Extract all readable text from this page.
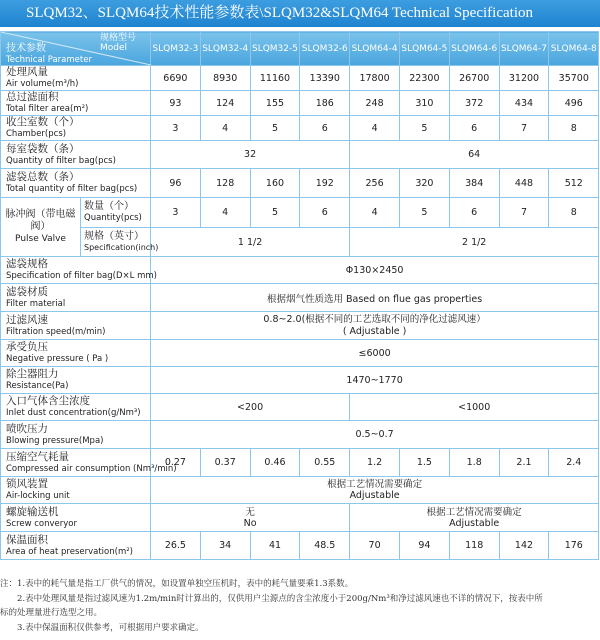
SLQM32、SLQM64技术性能参数表\SLQM32&SLQM64 Technical Specification
规格型号
Model
技术参数
Technical Parameter		SLQM32-3	SLQM32-4	SLQM32-5	SLQM32-6	SLQM64-4	SLQM64-5	SLQM64-6	SLQM64-7	SLQM64-8

处理风量
Air volume(m³/h)		6690	8930	11160	13390	17800	22300	26700	31200	35700

总过滤面积
Total filter area(m²)		93	124	155	186	248	310	372	434	496

收尘室数（个）
Chamber(pcs)		3	4	5	6	4	5	6	7	8

每室袋数（条）
Quantity of filter bag(pcs)		32				64				

滤袋总数（条）
Total quantity of filter bag(pcs)		96	128	160	192	256	320	384	448	512

脉冲阀（带电磁阀）
Pulse Valve	数量（个）
Quantity(pcs)	3	4	5	6	4	5	6	7	8
	规格（英寸）
Specification(inch)	1 1/2				2 1/2				

滤袋规格
Specification of filter bag(D×L mm)		Φ130×2450								

滤袋材质
Filter material		根据烟气性质选用 Based on flue gas properties								

过滤风速
Filtration speed(m/min)		0.8~2.0(根据不同的工艺选取不同的净化过滤风速）
( Adjustable )								

承受负压
Negative pressure ( Pa )		≤6000								

除尘器阻力
Resistance(Pa)		1470~1770								

入口气体含尘浓度
Inlet dust concentration(g/Nm³)		<200				<1000				

喷吹压力
Blowing pressure(Mpa)		0.5~0.7								

压缩空气耗量
Compressed air consumption (Nm³/min)		0.27	0.37	0.46	0.55	1.2	1.5	1.8	2.1	2.4

锁风装置
Air-locking unit		根据工艺情况需要确定
Adjustable								

螺旋输送机
Screw converyor		无
No				根据工艺情况需要确定
Adjustable				

保温面积
Area of heat preservation(m²)		26.5	34	41	48.5	70	94	118	142	176
注：1.表中的耗气量是指工厂供气的情况，如设置单独空压机时，表中的耗气量要乘1.3系数。
2.表中处理风量是指过滤风速为1.2m/min时计算出的，仅供用户尘源点的含尘浓度小于200g/Nm³和净过滤风速也不详的情况下，按表中所
标的处理量进行选型之用。
3.表中保温面积仅供参考，可根据用户要求确定。
